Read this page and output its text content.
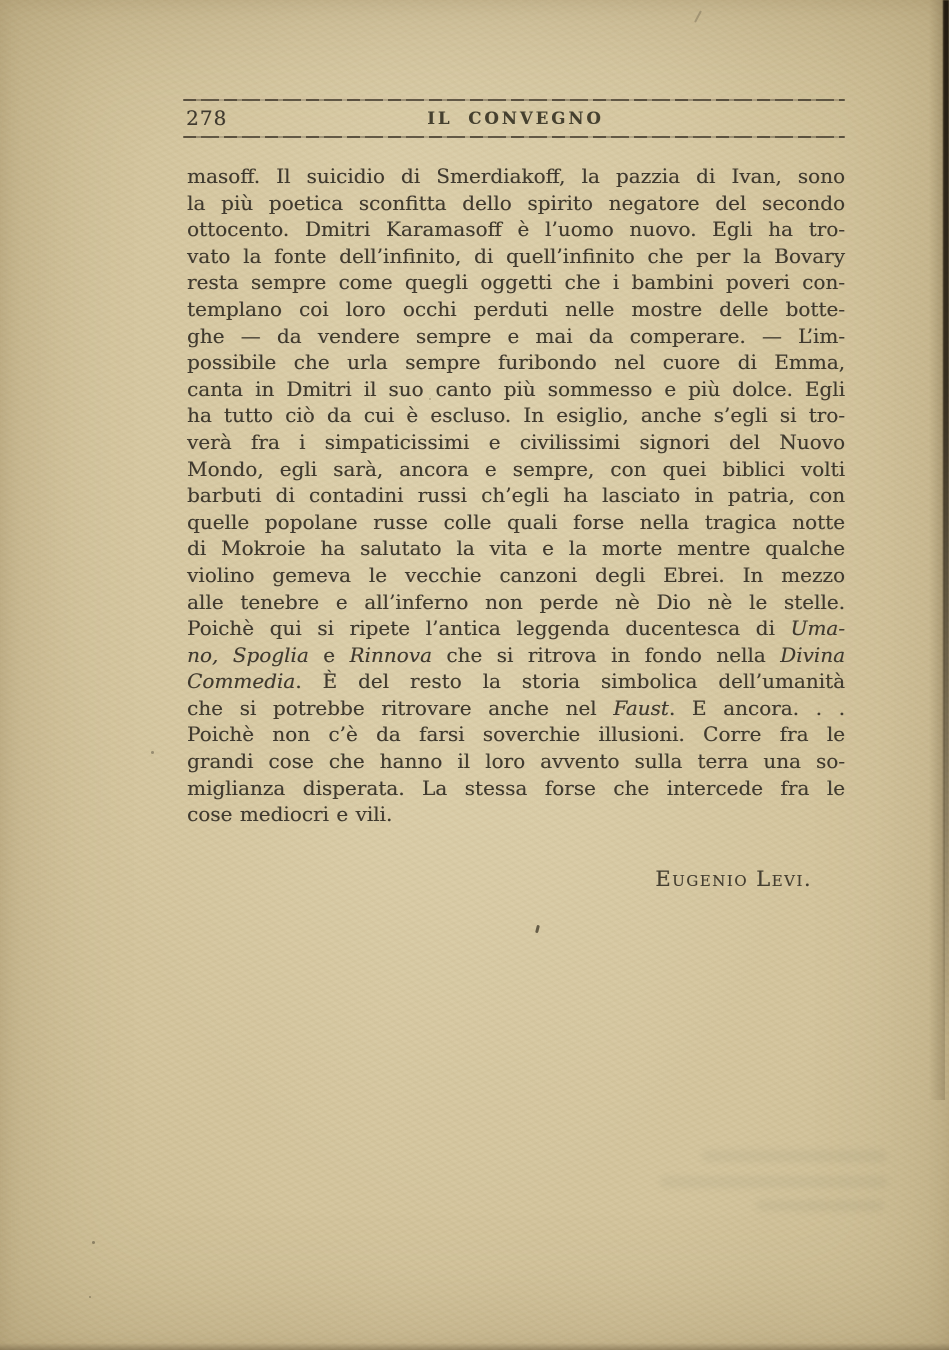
278	IL CONVEGNO
masoff. Il suicidio di Smerdiakoff, la pazzia di Ivan, sono
la più poetica sconfitta dello spirito negatore del secondo
ottocento. Dmitri Karamasoff è l’uomo nuovo. Egli ha tro-
vato la fonte dell’infinito, di quell’infinito che per la Bovary
resta sempre come quegli oggetti che i bambini poveri con-
templano coi loro occhi perduti nelle mostre delle botte-
ghe — da vendere sempre e mai da comperare. — L’im-
possibile che urla sempre furibondo nel cuore di Emma,
canta in Dmitri il suo canto più sommesso e più dolce. Egli
ha tutto ciò da cui è escluso. In esiglio, anche s’egli si tro-
verà fra i simpaticissimi e civilissimi signori del Nuovo
Mondo, egli sarà, ancora e sempre, con quei biblici volti
barbuti di contadini russi ch’egli ha lasciato in patria, con
quelle popolane russe colle quali forse nella tragica notte
di Mokroie ha salutato la vita e la morte mentre qualche
violino gemeva le vecchie canzoni degli Ebrei. In mezzo
alle tenebre e all’inferno non perde nè Dio nè le stelle.
Poichè qui si ripete l’antica leggenda ducentesca di Uma-
no, Spoglia e Rinnova che si ritrova in fondo nella Divina
Commedia. È del resto la storia simbolica dell’umanità
che si potrebbe ritrovare anche nel Faust. E ancora. . .
Poichè non c’è da farsi soverchie illusioni. Corre fra le
grandi cose che hanno il loro avvento sulla terra una so-
miglianza disperata. La stessa forse che intercede fra le
cose mediocri e vili.
Eugenio Levi.
